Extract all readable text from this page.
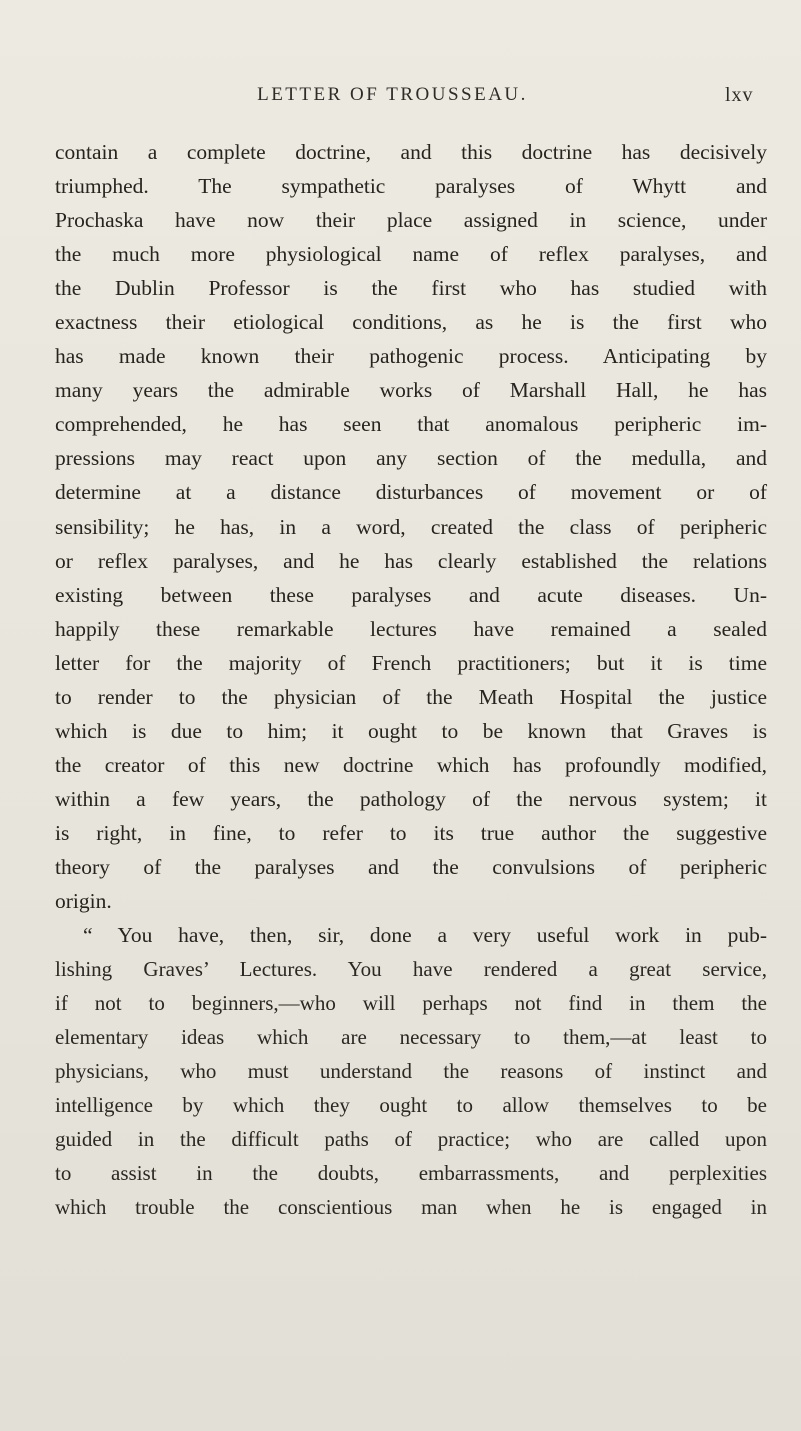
LETTER OF TROUSSEAU.	lxv
contain a complete doctrine, and this doctrine has decisively
triumphed. The sympathetic paralyses of Whytt and
Prochaska have now their place assigned in science, under
the much more physiological name of reflex paralyses, and
the Dublin Professor is the first who has studied with
exactness their etiological conditions, as he is the first who
has made known their pathogenic process. Anticipating by
many years the admirable works of Marshall Hall, he has
comprehended, he has seen that anomalous peripheric im-
pressions may react upon any section of the medulla, and
determine at a distance disturbances of movement or of
sensibility; he has, in a word, created the class of peripheric
or reflex paralyses, and he has clearly established the relations
existing between these paralyses and acute diseases. Un-
happily these remarkable lectures have remained a sealed
letter for the majority of French practitioners; but it is time
to render to the physician of the Meath Hospital the justice
which is due to him; it ought to be known that Graves is
the creator of this new doctrine which has profoundly modified,
within a few years, the pathology of the nervous system; it
is right, in fine, to refer to its true author the suggestive
theory of the paralyses and the convulsions of peripheric
origin.
“ You have, then, sir, done a very useful work in pub-
lishing Graves’ Lectures. You have rendered a great service,
if not to beginners,—who will perhaps not find in them the
elementary ideas which are necessary to them,—at least to
physicians, who must understand the reasons of instinct and
intelligence by which they ought to allow themselves to be
guided in the difficult paths of practice; who are called upon
to assist in the doubts, embarrassments, and perplexities
which trouble the conscientious man when he is engaged in
